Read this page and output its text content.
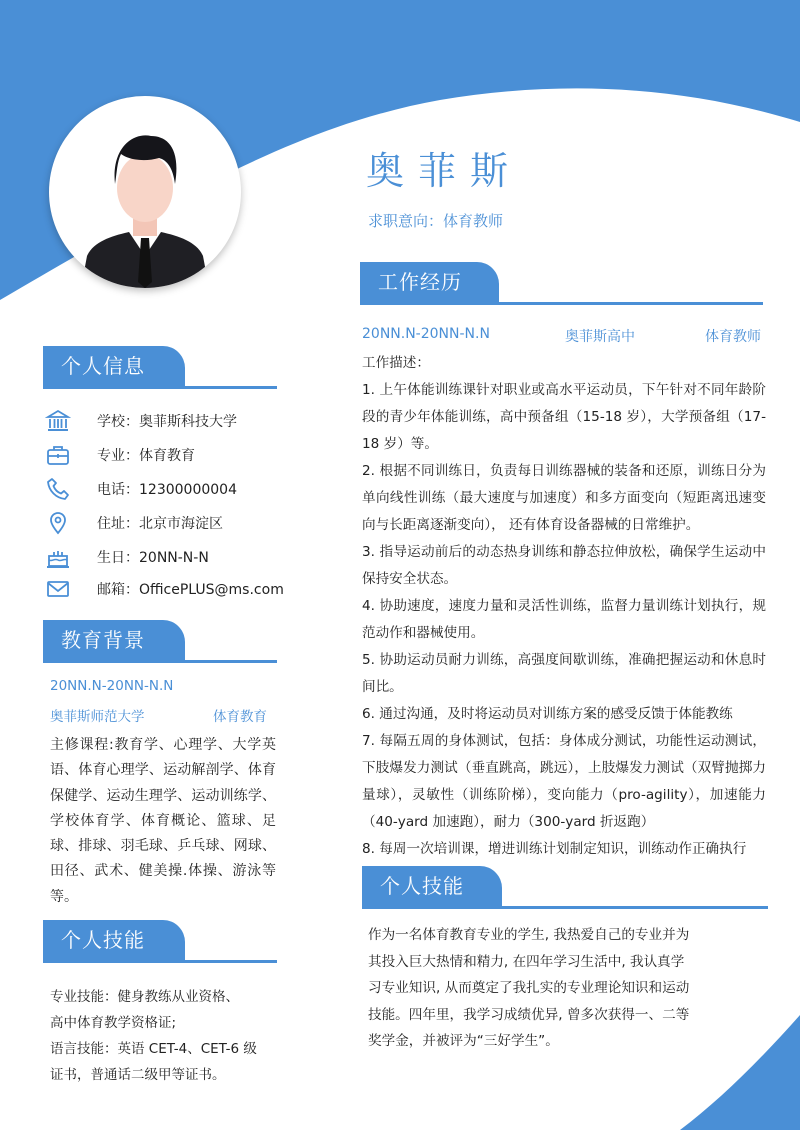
奥菲斯
求职意向：体育教师
个人信息
学校：奥菲斯科技大学
专业：体育教育
电话：12300000004
住址：北京市海淀区
生日：20NN-N-N
邮箱：OfficePLUS@ms.com
教育背景
20NN.N-20NN-N.N
奥菲斯师范大学	体育教育
主修课程:教育学、心理学、大学英语、体育心理学、运动解剖学、体育保健学、运动生理学、运动训练学、学校体育学、体育概论、篮球、足球、排球、羽毛球、乒乓球、网球、田径、武术、健美操.体操、游泳等等。
个人技能
专业技能：健身教练从业资格、
高中体育教学资格证;
语言技能：英语 CET-4、CET-6 级
证书，普通话二级甲等证书。
工作经历
20NN.N-20NN-N.N	奥菲斯高中	体育教师

工作描述：

1. 上午体能训练课针对职业或高水平运动员，下午针对不同年龄阶段的青少年体能训练，高中预备组（15-18 岁），大学预备组（17-18 岁）等。

2. 根据不同训练日，负责每日训练器械的装备和还原，训练日分为单向线性训练（最大速度与加速度）和多方面变向（短距离迅速变向与长距离逐渐变向）， 还有体育设备器械的日常维护。

3. 指导运动前后的动态热身训练和静态拉伸放松，确保学生运动中保持安全状态。

4. 协助速度，速度力量和灵活性训练，监督力量训练计划执行，规范动作和器械使用。

5. 协助运动员耐力训练，高强度间歇训练，准确把握运动和休息时间比。

6. 通过沟通，及时将运动员对训练方案的感受反馈于体能教练

7. 每隔五周的身体测试，包括：身体成分测试，功能性运动测试，下肢爆发力测试（垂直跳高，跳远），上肢爆发力测试（双臂抛掷力量球），灵敏性（训练阶梯），变向能力（pro-agility），加速能力（40-yard 加速跑），耐力（300-yard 折返跑）

8. 每周一次培训课，增进训练计划制定知识，训练动作正确执行

个人技能
作为一名体育教育专业的学生, 我热爱自己的专业并为
其投入巨大热情和精力, 在四年学习生活中, 我认真学
习专业知识, 从而奠定了我扎实的专业理论知识和运动
技能。四年里，我学习成绩优异, 曾多次获得一、二等
奖学金，并被评为“三好学生”。
